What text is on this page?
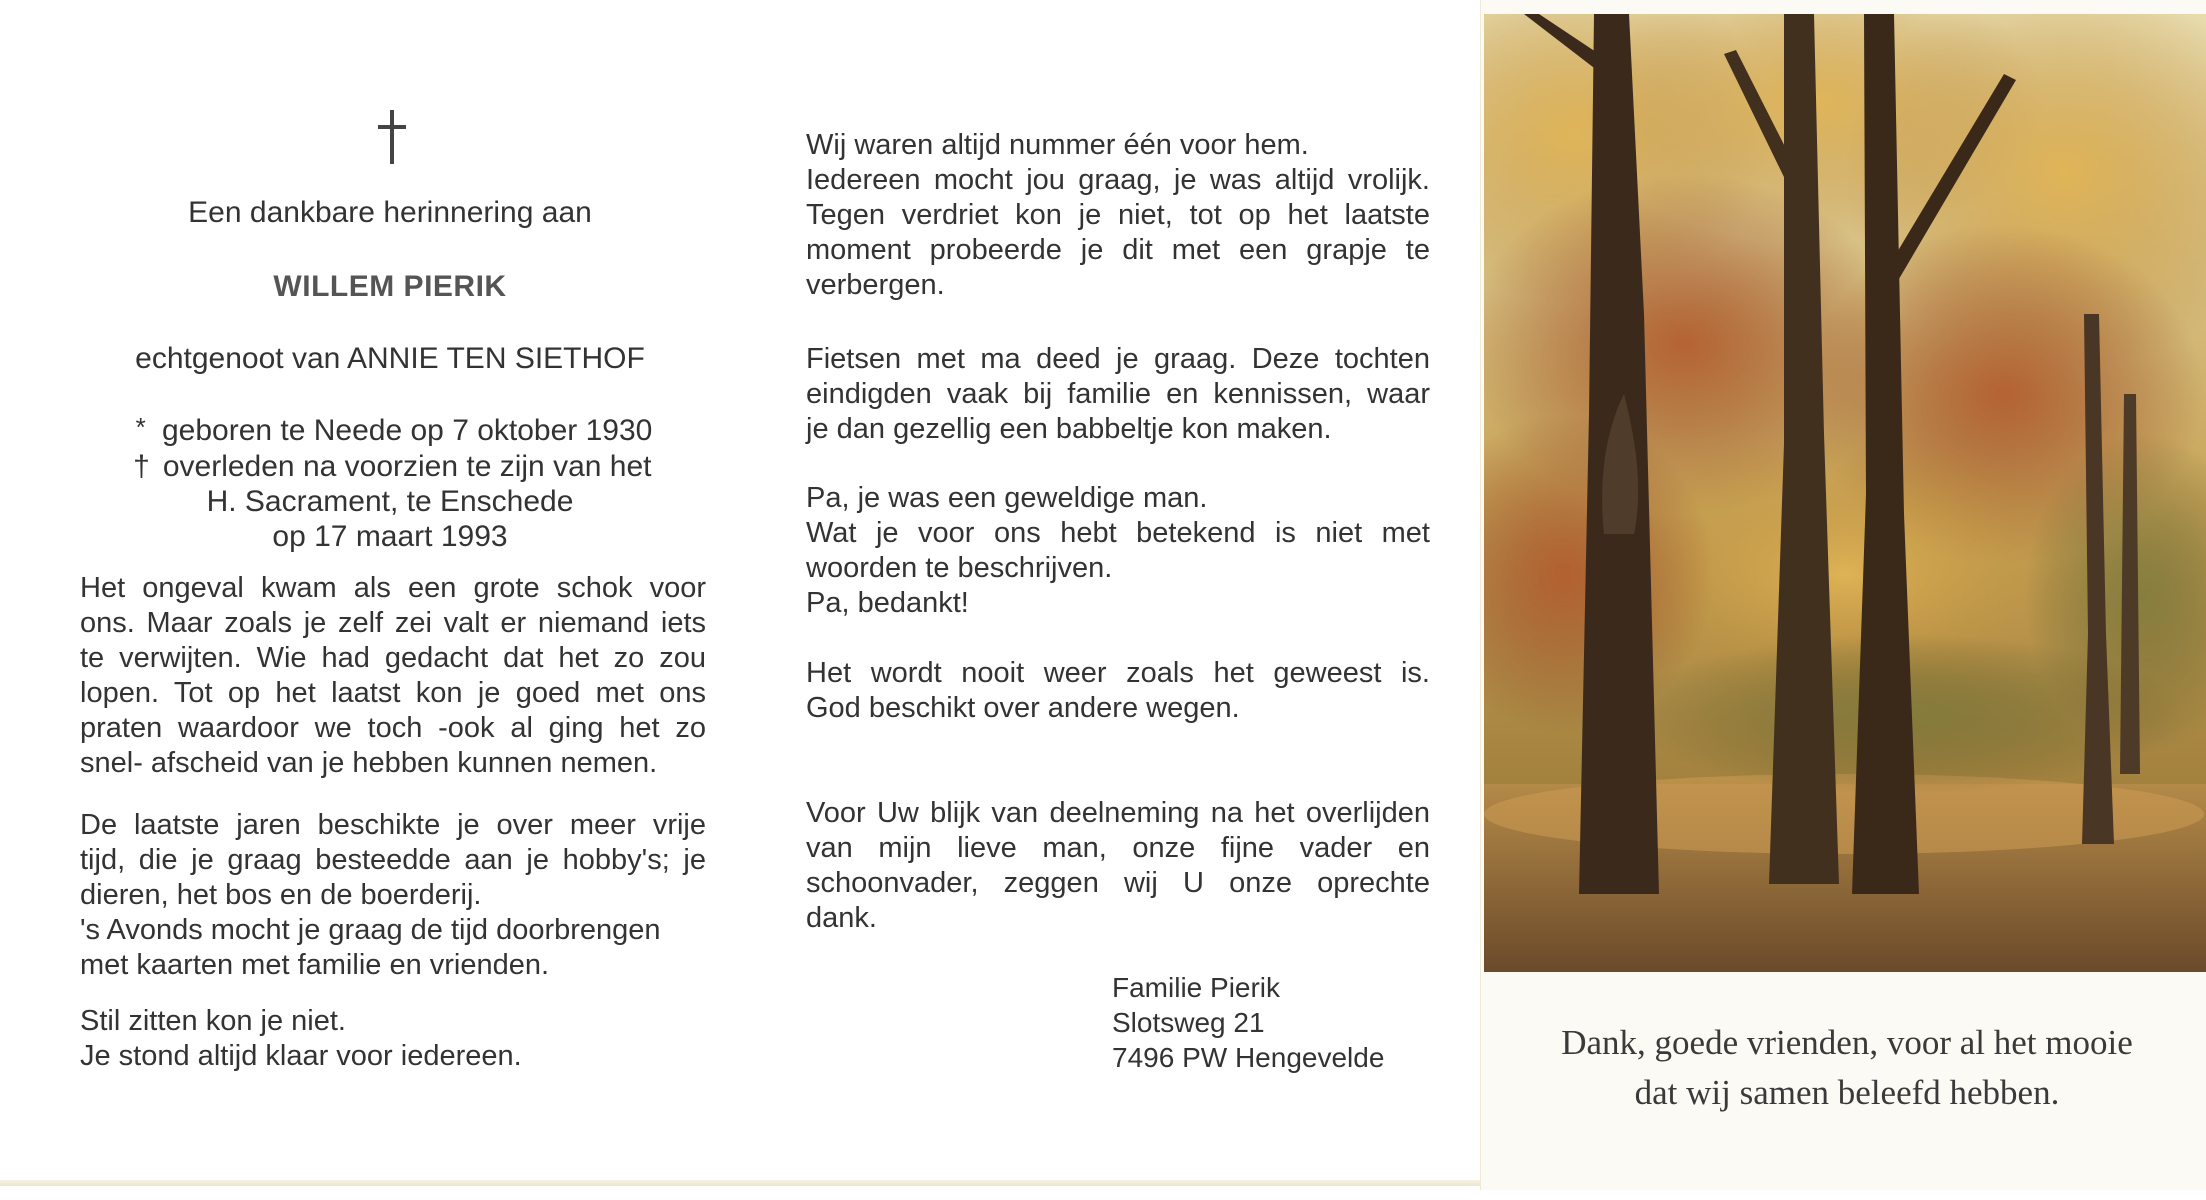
Een dankbare herinnering aan
WILLEM PIERIK
echtgenoot van ANNIE TEN SIETHOF
*
geboren te Neede op 7 oktober 1930
†
overleden na voorzien te zijn van het
H. Sacrament, te Enschede
op 17 maart 1993
Het ongeval kwam als een grote schok voor
ons. Maar zoals je zelf zei valt er niemand iets
te verwijten. Wie had gedacht dat het zo zou
lopen. Tot op het laatst kon je goed met ons
praten waardoor we toch -ook al ging het zo
snel- afscheid van je hebben kunnen nemen.
De laatste jaren beschikte je over meer vrije
tijd, die je graag besteedde aan je hobby's; je
dieren, het bos en de boerderij.
's Avonds mocht je graag de tijd doorbrengen
met kaarten met familie en vrienden.
Stil zitten kon je niet.
Je stond altijd klaar voor iedereen.
Wij waren altijd nummer één voor hem.
Iedereen mocht jou graag, je was altijd vrolijk.
Tegen verdriet kon je niet, tot op het laatste
moment probeerde je dit met een grapje te
verbergen.
Fietsen met ma deed je graag. Deze tochten
eindigden vaak bij familie en kennissen, waar
je dan gezellig een babbeltje kon maken.
Pa, je was een geweldige man.
Wat je voor ons hebt betekend is niet met
woorden te beschrijven.
Pa, bedankt!
Het wordt nooit weer zoals het geweest is.
God beschikt over andere wegen.
Voor Uw blijk van deelneming na het overlijden
van mijn lieve man, onze fijne vader en
schoonvader, zeggen wij U onze oprechte
dank.
Familie Pierik
Slotsweg 21
7496 PW Hengevelde	Dank, goede vrienden, voor al het mooie
dat wij samen beleefd hebben.
